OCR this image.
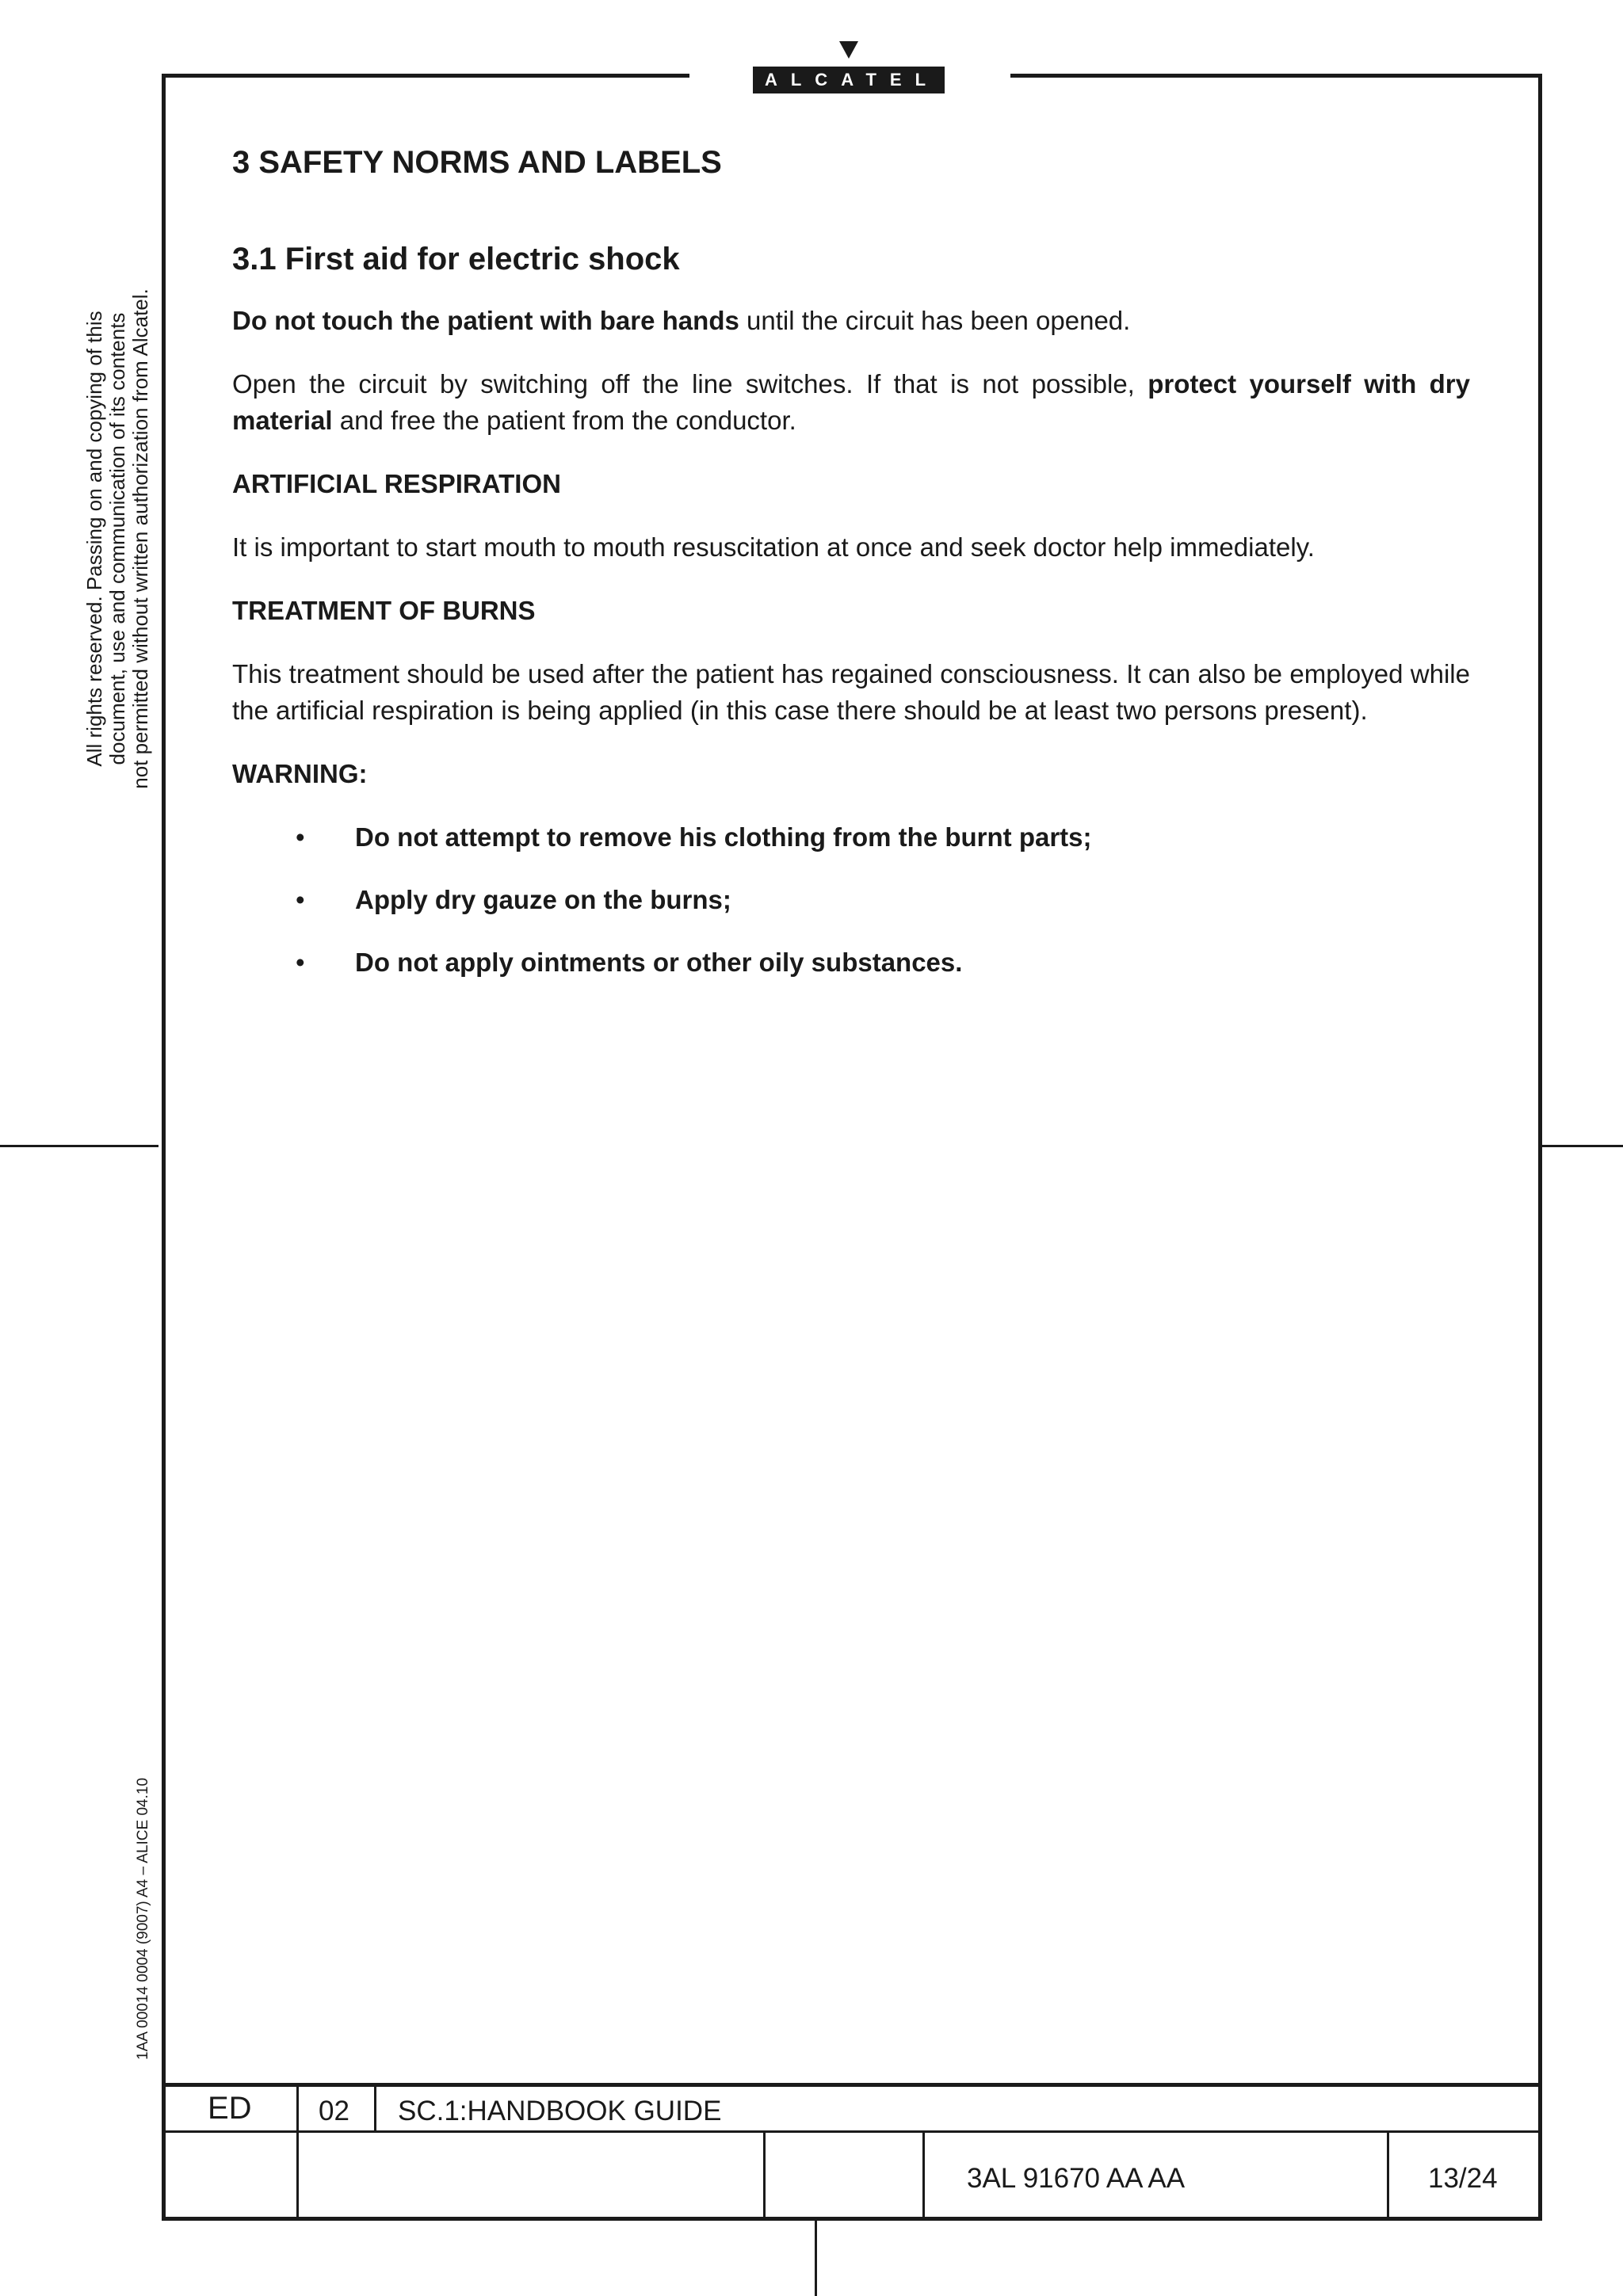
ALCATEL
All rights reserved. Passing on and copying of this document, use and communication of its contents not permitted without written authorization from Alcatel.
1AA 00014 0004 (9007) A4 – ALICE 04.10
3 SAFETY NORMS AND LABELS
3.1 First aid for electric shock

Do not touch the patient with bare hands until the circuit has been opened.

Open the circuit by switching off the line switches. If that is not possible, protect yourself with dry material and free the patient from the conductor.

ARTIFICIAL RESPIRATION

It is important to start mouth to mouth resuscitation at once and seek doctor help immediately.

TREATMENT OF BURNS

This treatment should be used after the patient has regained consciousness. It can also be employed while the artificial respiration is being applied (in this case there should be at least two persons present).

WARNING:
• Do not attempt to remove his clothing from the burnt parts;
• Apply dry gauze on the burns;
• Do not apply ointments or other oily substances.
ED 02 SC.1:HANDBOOK GUIDE
3AL 91670 AA AA	13/24
